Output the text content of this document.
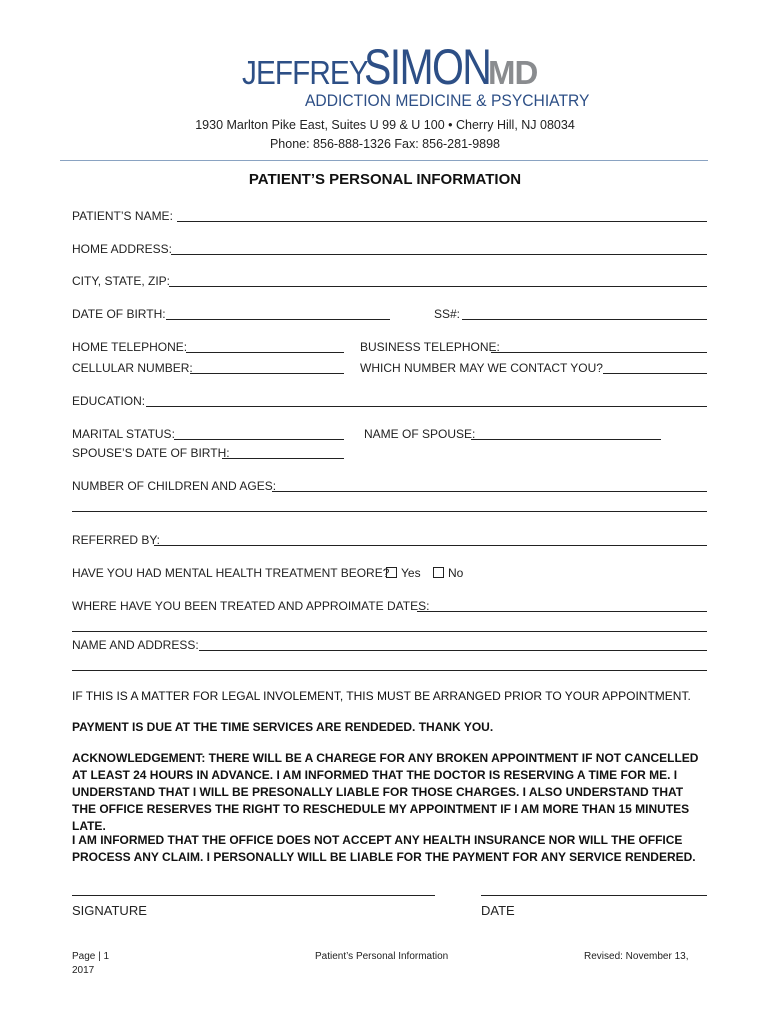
JEFFREY
SIMON
MD
ADDICTION MEDICINE & PSYCHIATRY
1930 Marlton Pike East, Suites U 99 & U 100 • Cherry Hill, NJ 08034
Phone: 856-888-1326 Fax: 856-281-9898
PATIENT’S PERSONAL INFORMATION
PATIENT’S NAME:
HOME ADDRESS:
CITY, STATE, ZIP:
DATE OF BIRTH:	SS#:
HOME TELEPHONE:	BUSINESS TELEPHONE:
CELLULAR NUMBER:	WHICH NUMBER MAY WE CONTACT YOU?
EDUCATION:
MARITAL STATUS:	NAME OF SPOUSE:
SPOUSE’S DATE OF BIRTH:
NUMBER OF CHILDREN AND AGES:
REFERRED BY:
HAVE YOU HAD MENTAL HEALTH TREATMENT BEORE? Yes	No
WHERE HAVE YOU BEEN TREATED AND APPROIMATE DATES:
NAME AND ADDRESS:
IF THIS IS A MATTER FOR LEGAL INVOLEMENT, THIS MUST BE ARRANGED PRIOR TO YOUR APPOINTMENT.
PAYMENT IS DUE AT THE TIME SERVICES ARE RENDEDED. THANK YOU.
ACKNOWLEDGEMENT: THERE WILL BE A CHAREGE FOR ANY BROKEN APPOINTMENT IF NOT CANCELLED AT LEAST 24 HOURS IN ADVANCE. I AM INFORMED THAT THE DOCTOR IS RESERVING A TIME FOR ME. I UNDERSTAND THAT I WILL BE PRESONALLY LIABLE FOR THOSE CHARGES. I ALSO UNDERSTAND THAT THE OFFICE RESERVES THE RIGHT TO RESCHEDULE MY APPOINTMENT IF I AM MORE THAN 15 MINUTES LATE.
I AM INFORMED THAT THE OFFICE DOES NOT ACCEPT ANY HEALTH INSURANCE NOR WILL THE OFFICE PROCESS ANY CLAIM. I PERSONALLY WILL BE LIABLE FOR THE PAYMENT FOR ANY SERVICE RENDERED.
SIGNATURE	DATE
Page | 1
2017
Patient’s Personal Information	Revised: November 13,
